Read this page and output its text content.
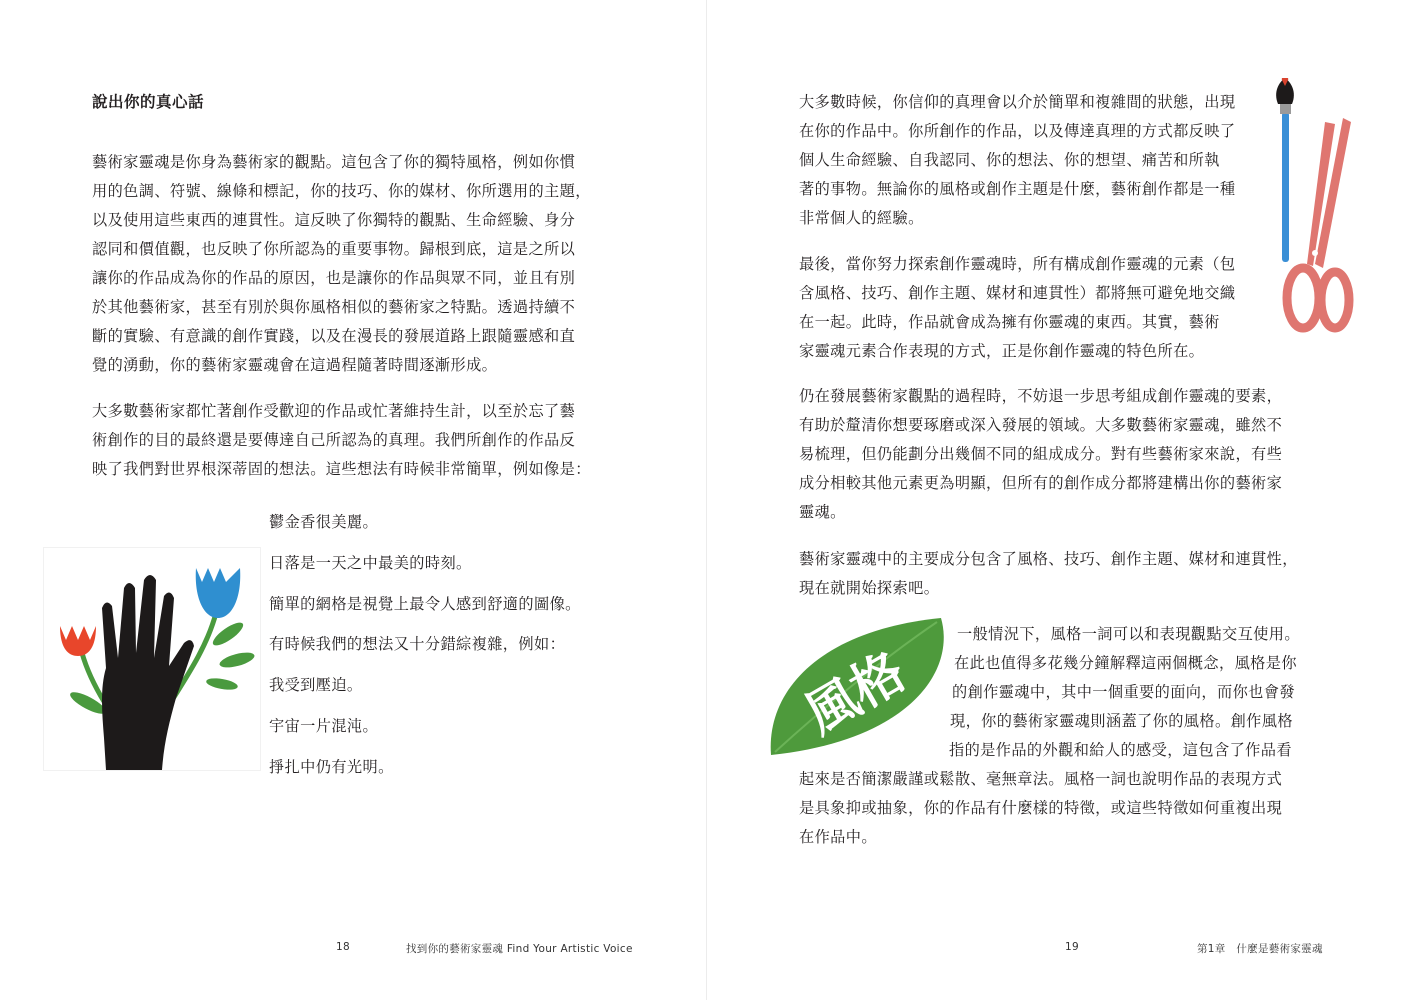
說出你的真心話

藝術家靈魂是你身為藝術家的觀點。這包含了你的獨特風格，例如你慣
用的色調、符號、線條和標記，你的技巧、你的媒材、你所選用的主題，
以及使用這些東西的連貫性。這反映了你獨特的觀點、生命經驗、身分
認同和價值觀，也反映了你所認為的重要事物。歸根到底，這是之所以
讓你的作品成為你的作品的原因，也是讓你的作品與眾不同，並且有別
於其他藝術家，甚至有別於與你風格相似的藝術家之特點。透過持續不
斷的實驗、有意識的創作實踐，以及在漫長的發展道路上跟隨靈感和直
覺的湧動，你的藝術家靈魂會在這過程隨著時間逐漸形成。

大多數藝術家都忙著創作受歡迎的作品或忙著維持生計，以至於忘了藝
術創作的目的最終還是要傳達自己所認為的真理。我們所創作的作品反
映了我們對世界根深蒂固的想法。這些想法有時候非常簡單，例如像是：

鬱金香很美麗。
日落是一天之中最美的時刻。
簡單的網格是視覺上最令人感到舒適的圖像。
有時候我們的想法又十分錯綜複雜，例如：
我受到壓迫。
宇宙一片混沌。
掙扎中仍有光明。
18	找到你的藝術家靈魂 Find Your Artistic Voice

大多數時候，你信仰的真理會以介於簡單和複雜間的狀態，出現
在你的作品中。你所創作的作品，以及傳達真理的方式都反映了
個人生命經驗、自我認同、你的想法、你的想望、痛苦和所執
著的事物。無論你的風格或創作主題是什麼，藝術創作都是一種
非常個人的經驗。

最後，當你努力探索創作靈魂時，所有構成創作靈魂的元素（包
含風格、技巧、創作主題、媒材和連貫性）都將無可避免地交織
在一起。此時，作品就會成為擁有你靈魂的東西。其實，藝術
家靈魂元素合作表現的方式，正是你創作靈魂的特色所在。

仍在發展藝術家觀點的過程時，不妨退一步思考組成創作靈魂的要素，
有助於釐清你想要琢磨或深入發展的領域。大多數藝術家靈魂，雖然不
易梳理，但仍能劃分出幾個不同的組成成分。對有些藝術家來說，有些
成分相較其他元素更為明顯，但所有的創作成分都將建構出你的藝術家
靈魂。

藝術家靈魂中的主要成分包含了風格、技巧、創作主題、媒材和連貫性，
現在就開始探索吧。

風格

一般情況下，風格一詞可以和表現觀點交互使用。
在此也值得多花幾分鐘解釋這兩個概念，風格是你
的創作靈魂中，其中一個重要的面向，而你也會發
現，你的藝術家靈魂則涵蓋了你的風格。創作風格
指的是作品的外觀和給人的感受，這包含了作品看
起來是否簡潔嚴謹或鬆散、毫無章法。風格一詞也說明作品的表現方式
是具象抑或抽象，你的作品有什麼樣的特徵，或這些特徵如何重複出現
在作品中。

19	第1章　什麼是藝術家靈魂
